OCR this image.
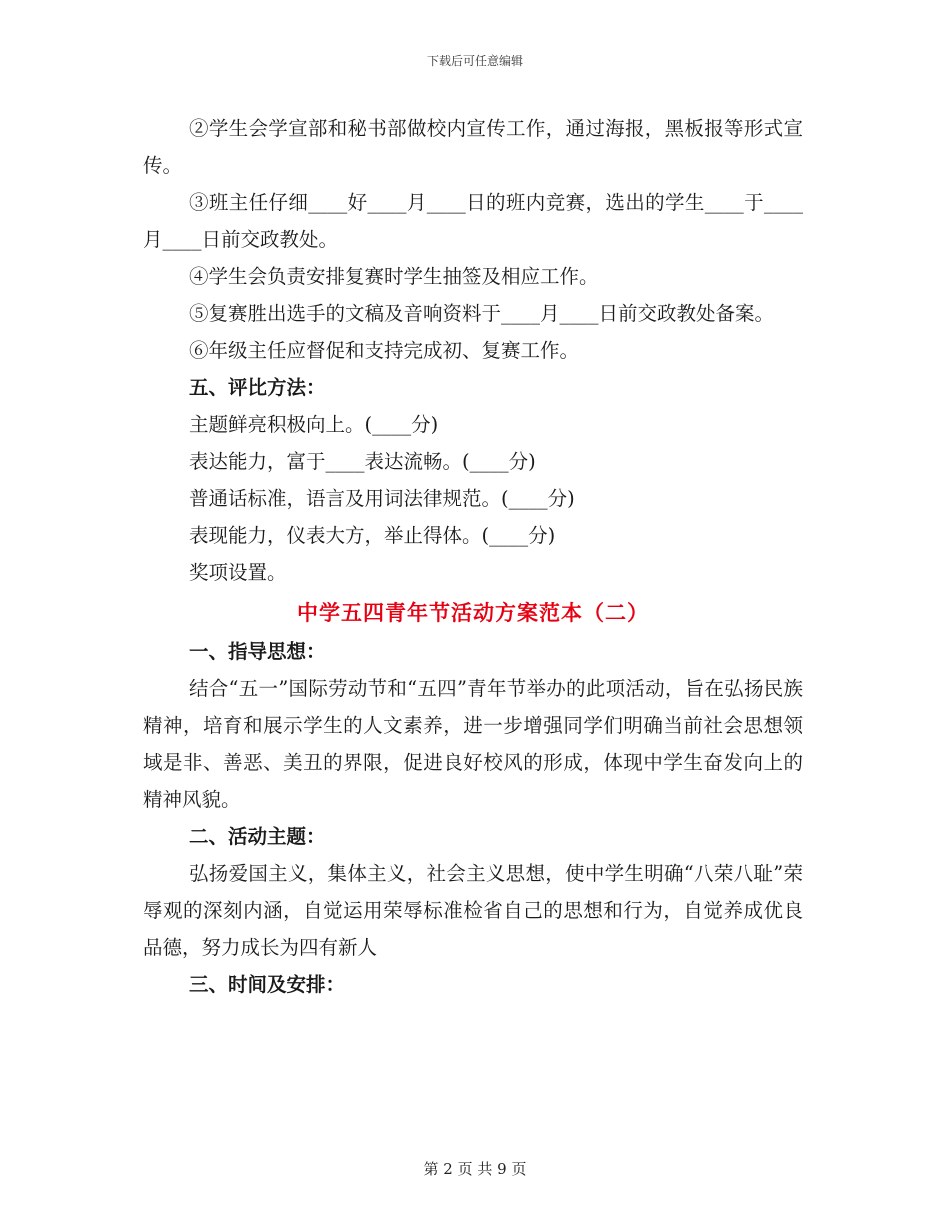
下载后可任意编辑

②学生会学宣部和秘书部做校内宣传工作，通过海报，黑板报等形式宣传。

③班主任仔细____好____月____日的班内竞赛，选出的学生____于____月____日前交政教处。

④学生会负责安排复赛时学生抽签及相应工作。

⑤复赛胜出选手的文稿及音响资料于____月____日前交政教处备案。

⑥年级主任应督促和支持完成初、复赛工作。

五、评比方法：

主题鲜亮积极向上。(____分)

表达能力，富于____表达流畅。(____分)

普通话标准，语言及用词法律规范。(____分)

表现能力，仪表大方，举止得体。(____分)

奖项设置。

中学五四青年节活动方案范本（二）

一、指导思想：

结合“五一”国际劳动节和“五四”青年节举办的此项活动，旨在弘扬民族精神，培育和展示学生的人文素养，进一步增强同学们明确当前社会思想领域是非、善恶、美丑的界限，促进良好校风的形成，体现中学生奋发向上的精神风貌。

二、活动主题：

弘扬爱国主义，集体主义，社会主义思想，使中学生明确“八荣八耻”荣辱观的深刻内涵，自觉运用荣辱标准检省自己的思想和行为，自觉养成优良品德，努力成长为四有新人

三、时间及安排：

第 2 页 共 9 页
